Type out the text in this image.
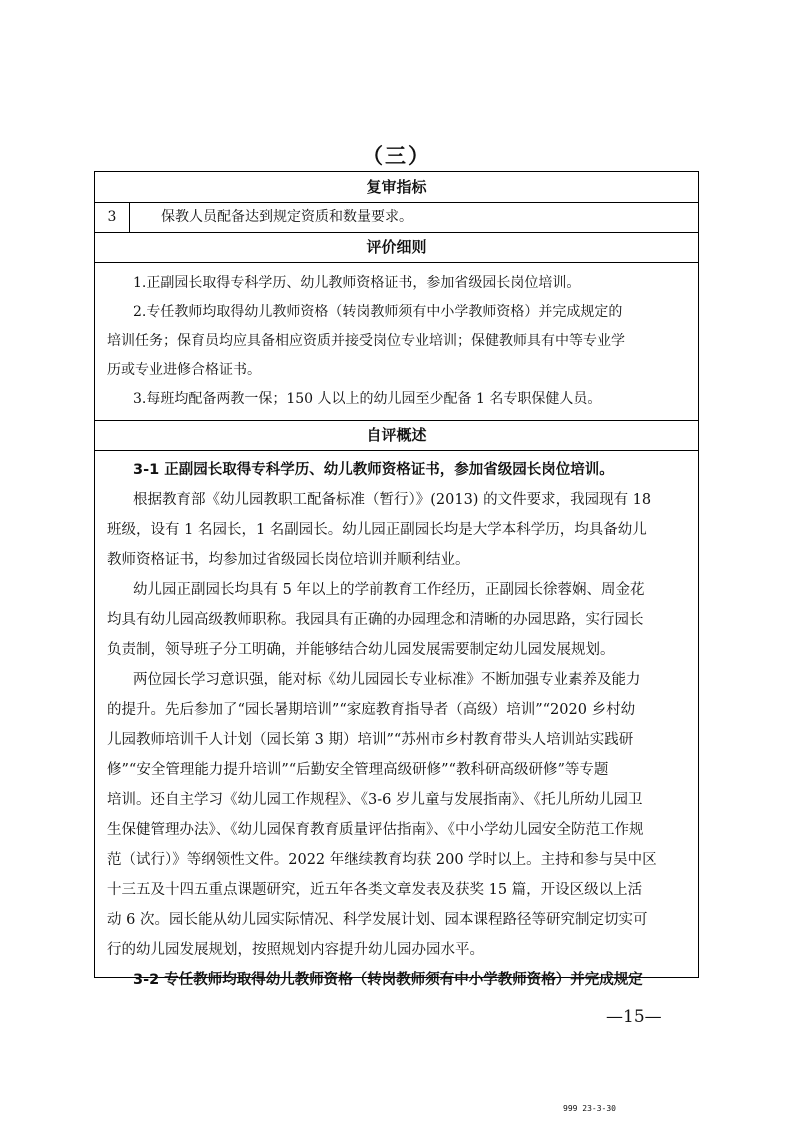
（三）
复审指标
3	保教人员配备达到规定资质和数量要求。
评价细则
1.正副园长取得专科学历、幼儿教师资格证书，参加省级园长岗位培训。
2.专任教师均取得幼儿教师资格（转岗教师须有中小学教师资格）并完成规定的
培训任务；保育员均应具备相应资质并接受岗位专业培训；保健教师具有中等专业学
历或专业进修合格证书。
3.每班均配备两教一保；150 人以上的幼儿园至少配备 1 名专职保健人员。
自评概述
3-1 正副园长取得专科学历、幼儿教师资格证书，参加省级园长岗位培训。
根据教育部《幼儿园教职工配备标准（暂行）》(2013) 的文件要求，我园现有 18
班级，设有 1 名园长，1 名副园长。幼儿园正副园长均是大学本科学历，均具备幼儿
教师资格证书，均参加过省级园长岗位培训并顺利结业。
幼儿园正副园长均具有 5 年以上的学前教育工作经历，正副园长徐蓉娴、周金花
均具有幼儿园高级教师职称。我园具有正确的办园理念和清晰的办园思路，实行园长
负责制，领导班子分工明确，并能够结合幼儿园发展需要制定幼儿园发展规划。
两位园长学习意识强，能对标《幼儿园园长专业标准》不断加强专业素养及能力
的提升。先后参加了“园长暑期培训”“家庭教育指导者（高级）培训”“2020 乡村幼
儿园教师培训千人计划（园长第 3 期）培训”“苏州市乡村教育带头人培训站实践研
修”“安全管理能力提升培训”“后勤安全管理高级研修”“教科研高级研修”等专题
培训。还自主学习《幼儿园工作规程》、《3-6 岁儿童与发展指南》、《托儿所幼儿园卫
生保健管理办法》、《幼儿园保育教育质量评估指南》、《中小学幼儿园安全防范工作规
范（试行）》等纲领性文件。2022 年继续教育均获 200 学时以上。主持和参与吴中区
十三五及十四五重点课题研究，近五年各类文章发表及获奖 15 篇，开设区级以上活
动 6 次。园长能从幼儿园实际情况、科学发展计划、园本课程路径等研究制定切实可
行的幼儿园发展规划，按照规划内容提升幼儿园办园水平。
3-2 专任教师均取得幼儿教师资格（转岗教师须有中小学教师资格）并完成规定
—15—
999 23-3-30
